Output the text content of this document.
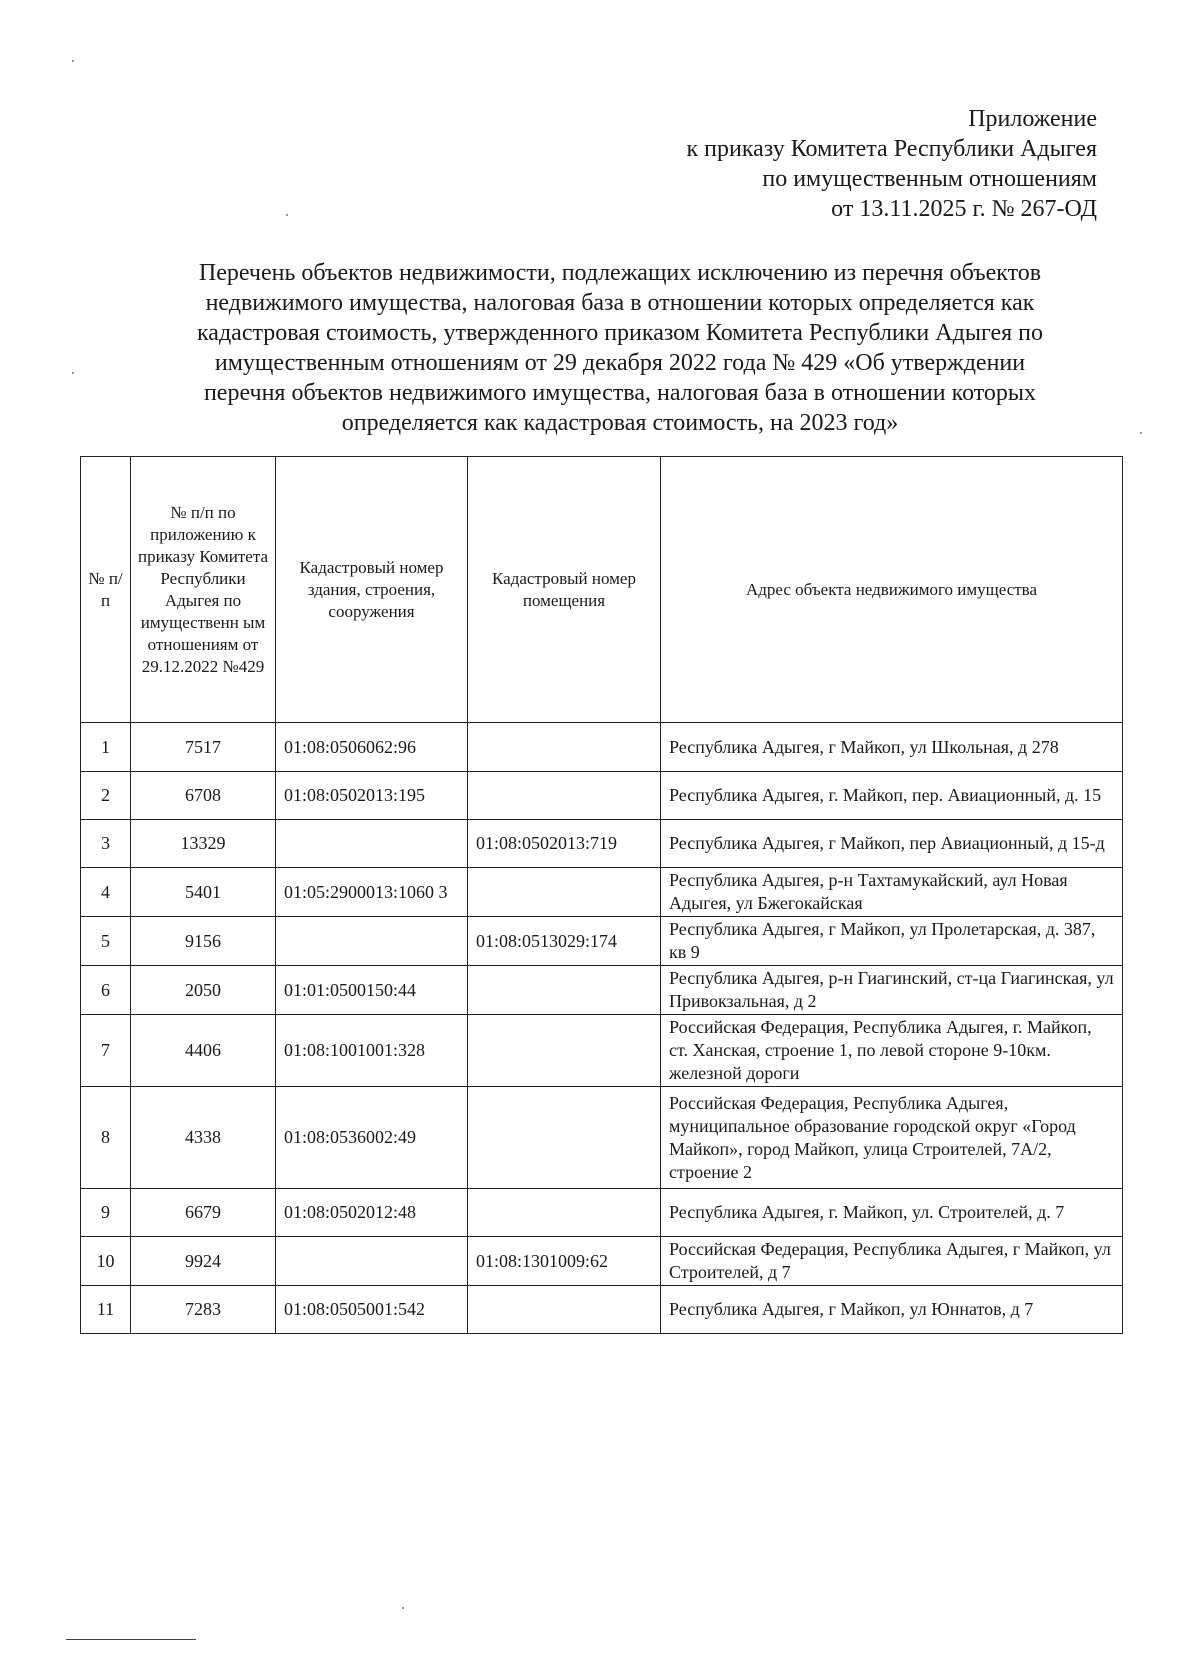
Приложение
к приказу Комитета Республики Адыгея
по имущественным отношениям
от 13.11.2025 г. № 267-ОД
Перечень объектов недвижимости, подлежащих исключению из перечня объектов
недвижимого имущества, налоговая база в отношении которых определяется как
кадастровая стоимость, утвержденного приказом Комитета Республики Адыгея по
имущественным отношениям от 29 декабря 2022 года № 429 «Об утверждении
перечня объектов недвижимого имущества, налоговая база в отношении которых
определяется как кадастровая стоимость, на 2023 год»
№ п/п	№ п/п по приложению к приказу Комитета Республики Адыгея по имущественн ым отношениям от 29.12.2022 №429	Кадастровый номер здания, строения, сооружения	Кадастровый номер помещения	Адрес объекта недвижимого имущества
1	7517	01:08:0506062:96		Республика Адыгея, г Майкоп, ул Школьная, д 278
2	6708	01:08:0502013:195		Республика Адыгея, г. Майкоп, пер. Авиационный, д. 15
3	13329		01:08:0502013:719	Республика Адыгея, г Майкоп, пер Авиационный, д 15-д
4	5401	01:05:2900013:1060 3		Республика Адыгея, р-н Тахтамукайский, аул Новая Адыгея, ул Бжегокайская
5	9156		01:08:0513029:174	Республика Адыгея, г Майкоп, ул Пролетарская, д. 387, кв 9
6	2050	01:01:0500150:44		Республика Адыгея, р-н Гиагинский, ст-ца Гиагинская, ул Привокзальная, д 2
7	4406	01:08:1001001:328		Российская Федерация, Республика Адыгея, г. Майкоп, ст. Ханская, строение 1, по левой стороне 9-10км. железной дороги
8	4338	01:08:0536002:49		Российская Федерация, Республика Адыгея, муниципальное образование городской округ «Город Майкоп», город Майкоп, улица Строителей, 7А/2, строение 2
9	6679	01:08:0502012:48		Республика Адыгея, г. Майкоп, ул. Строителей, д. 7
10	9924		01:08:1301009:62	Российская Федерация, Республика Адыгея, г Майкоп, ул Строителей, д 7
11	7283	01:08:0505001:542		Республика Адыгея, г Майкоп, ул Юннатов, д 7
